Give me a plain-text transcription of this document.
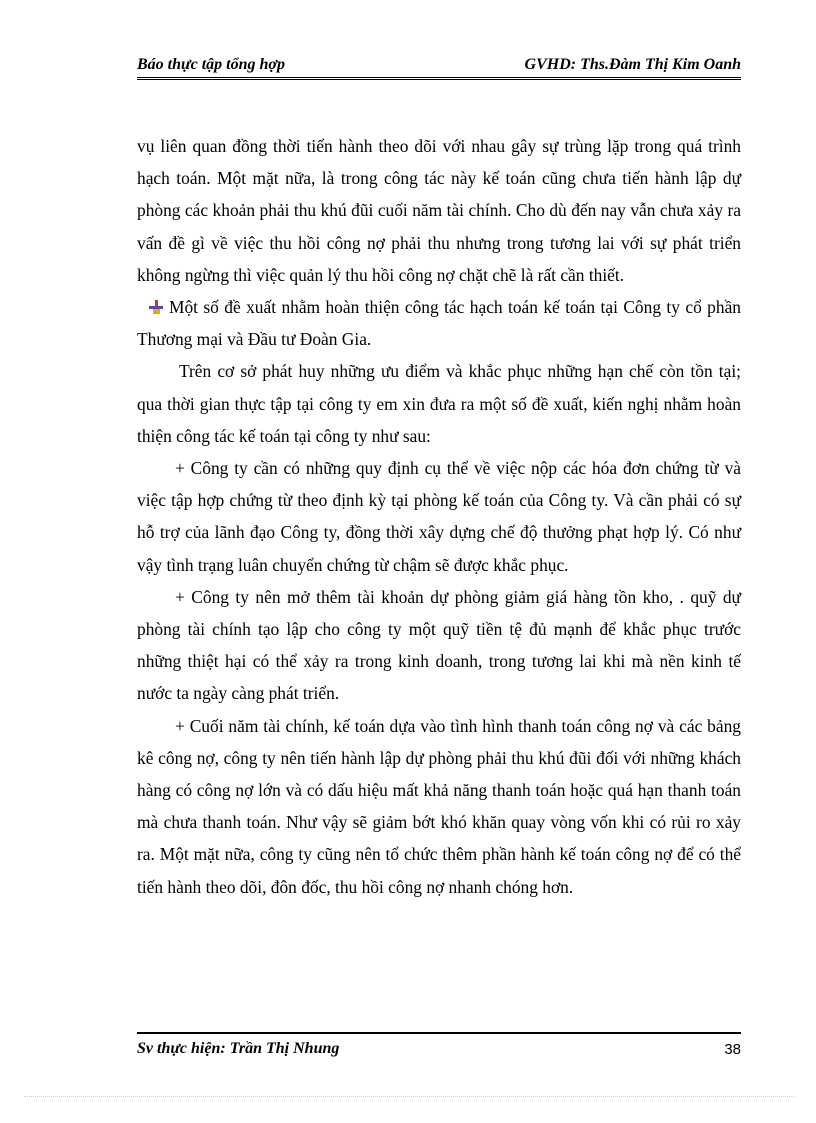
Báo thực tập tổng hợp	GVHD: Ths.Đàm Thị Kim Oanh

vụ liên quan đồng thời tiến hành theo dõi với nhau gây sự trùng lặp trong quá trình hạch toán. Một mặt nữa, là trong công tác này kế toán cũng chưa tiến hành lập dự phòng các khoản phải thu khú đũi cuối năm tài chính. Cho dù đến nay vẫn chưa xảy ra vấn đề gì về việc thu hồi công nợ phải thu nhưng trong tương lai với sự phát triển không ngừng thì việc quản lý thu hồi công nợ chặt chẽ là rất cần thiết.

Một số đề xuất nhằm hoàn thiện công tác hạch toán kế toán tại Công ty cổ phần Thương mại và Đầu tư Đoàn Gia.

Trên cơ sở phát huy những ưu điểm và khắc phục những hạn chế còn tồn tại; qua thời gian thực tập tại công ty em xin đưa ra một số đề xuất, kiến nghị nhằm hoàn thiện công tác kế toán tại công ty như sau:

+ Công ty cần có những quy định cụ thể về việc nộp các hóa đơn chứng từ và việc tập hợp chứng từ theo định kỳ tại phòng kế toán của Công ty. Và cần phải có sự hỗ trợ của lãnh đạo Công ty, đồng thời xây dựng chế độ thưởng phạt hợp lý. Có như vậy tình trạng luân chuyển chứng từ chậm sẽ được khắc phục.

+ Công ty nên mở thêm tài khoản dự phòng giảm giá hàng tồn kho, . quỹ dự phòng tài chính tạo lập cho công ty một quỹ tiền tệ đủ mạnh để khắc phục trước những thiệt hại có thể xảy ra trong kinh doanh, trong tương lai khi mà nền kinh tế nước ta ngày càng phát triển.

+ Cuối năm tài chính, kế toán dựa vào tình hình thanh toán công nợ và các bảng kê công nợ, công ty nên tiến hành lập dự phòng phải thu khú đũi đối với những khách hàng có công nợ lớn và có dấu hiệu mất khả năng thanh toán hoặc quá hạn thanh toán mà chưa thanh toán. Như vậy sẽ giảm bớt khó khăn quay vòng vốn khi có rủi ro xảy ra. Một mặt nữa, công ty cũng nên tổ chức thêm phần hành kế toán công nợ để có thể tiến hành theo dõi, đôn đốc, thu hồi công nợ nhanh chóng hơn.

Sv thực hiện: Trần Thị Nhung	38
